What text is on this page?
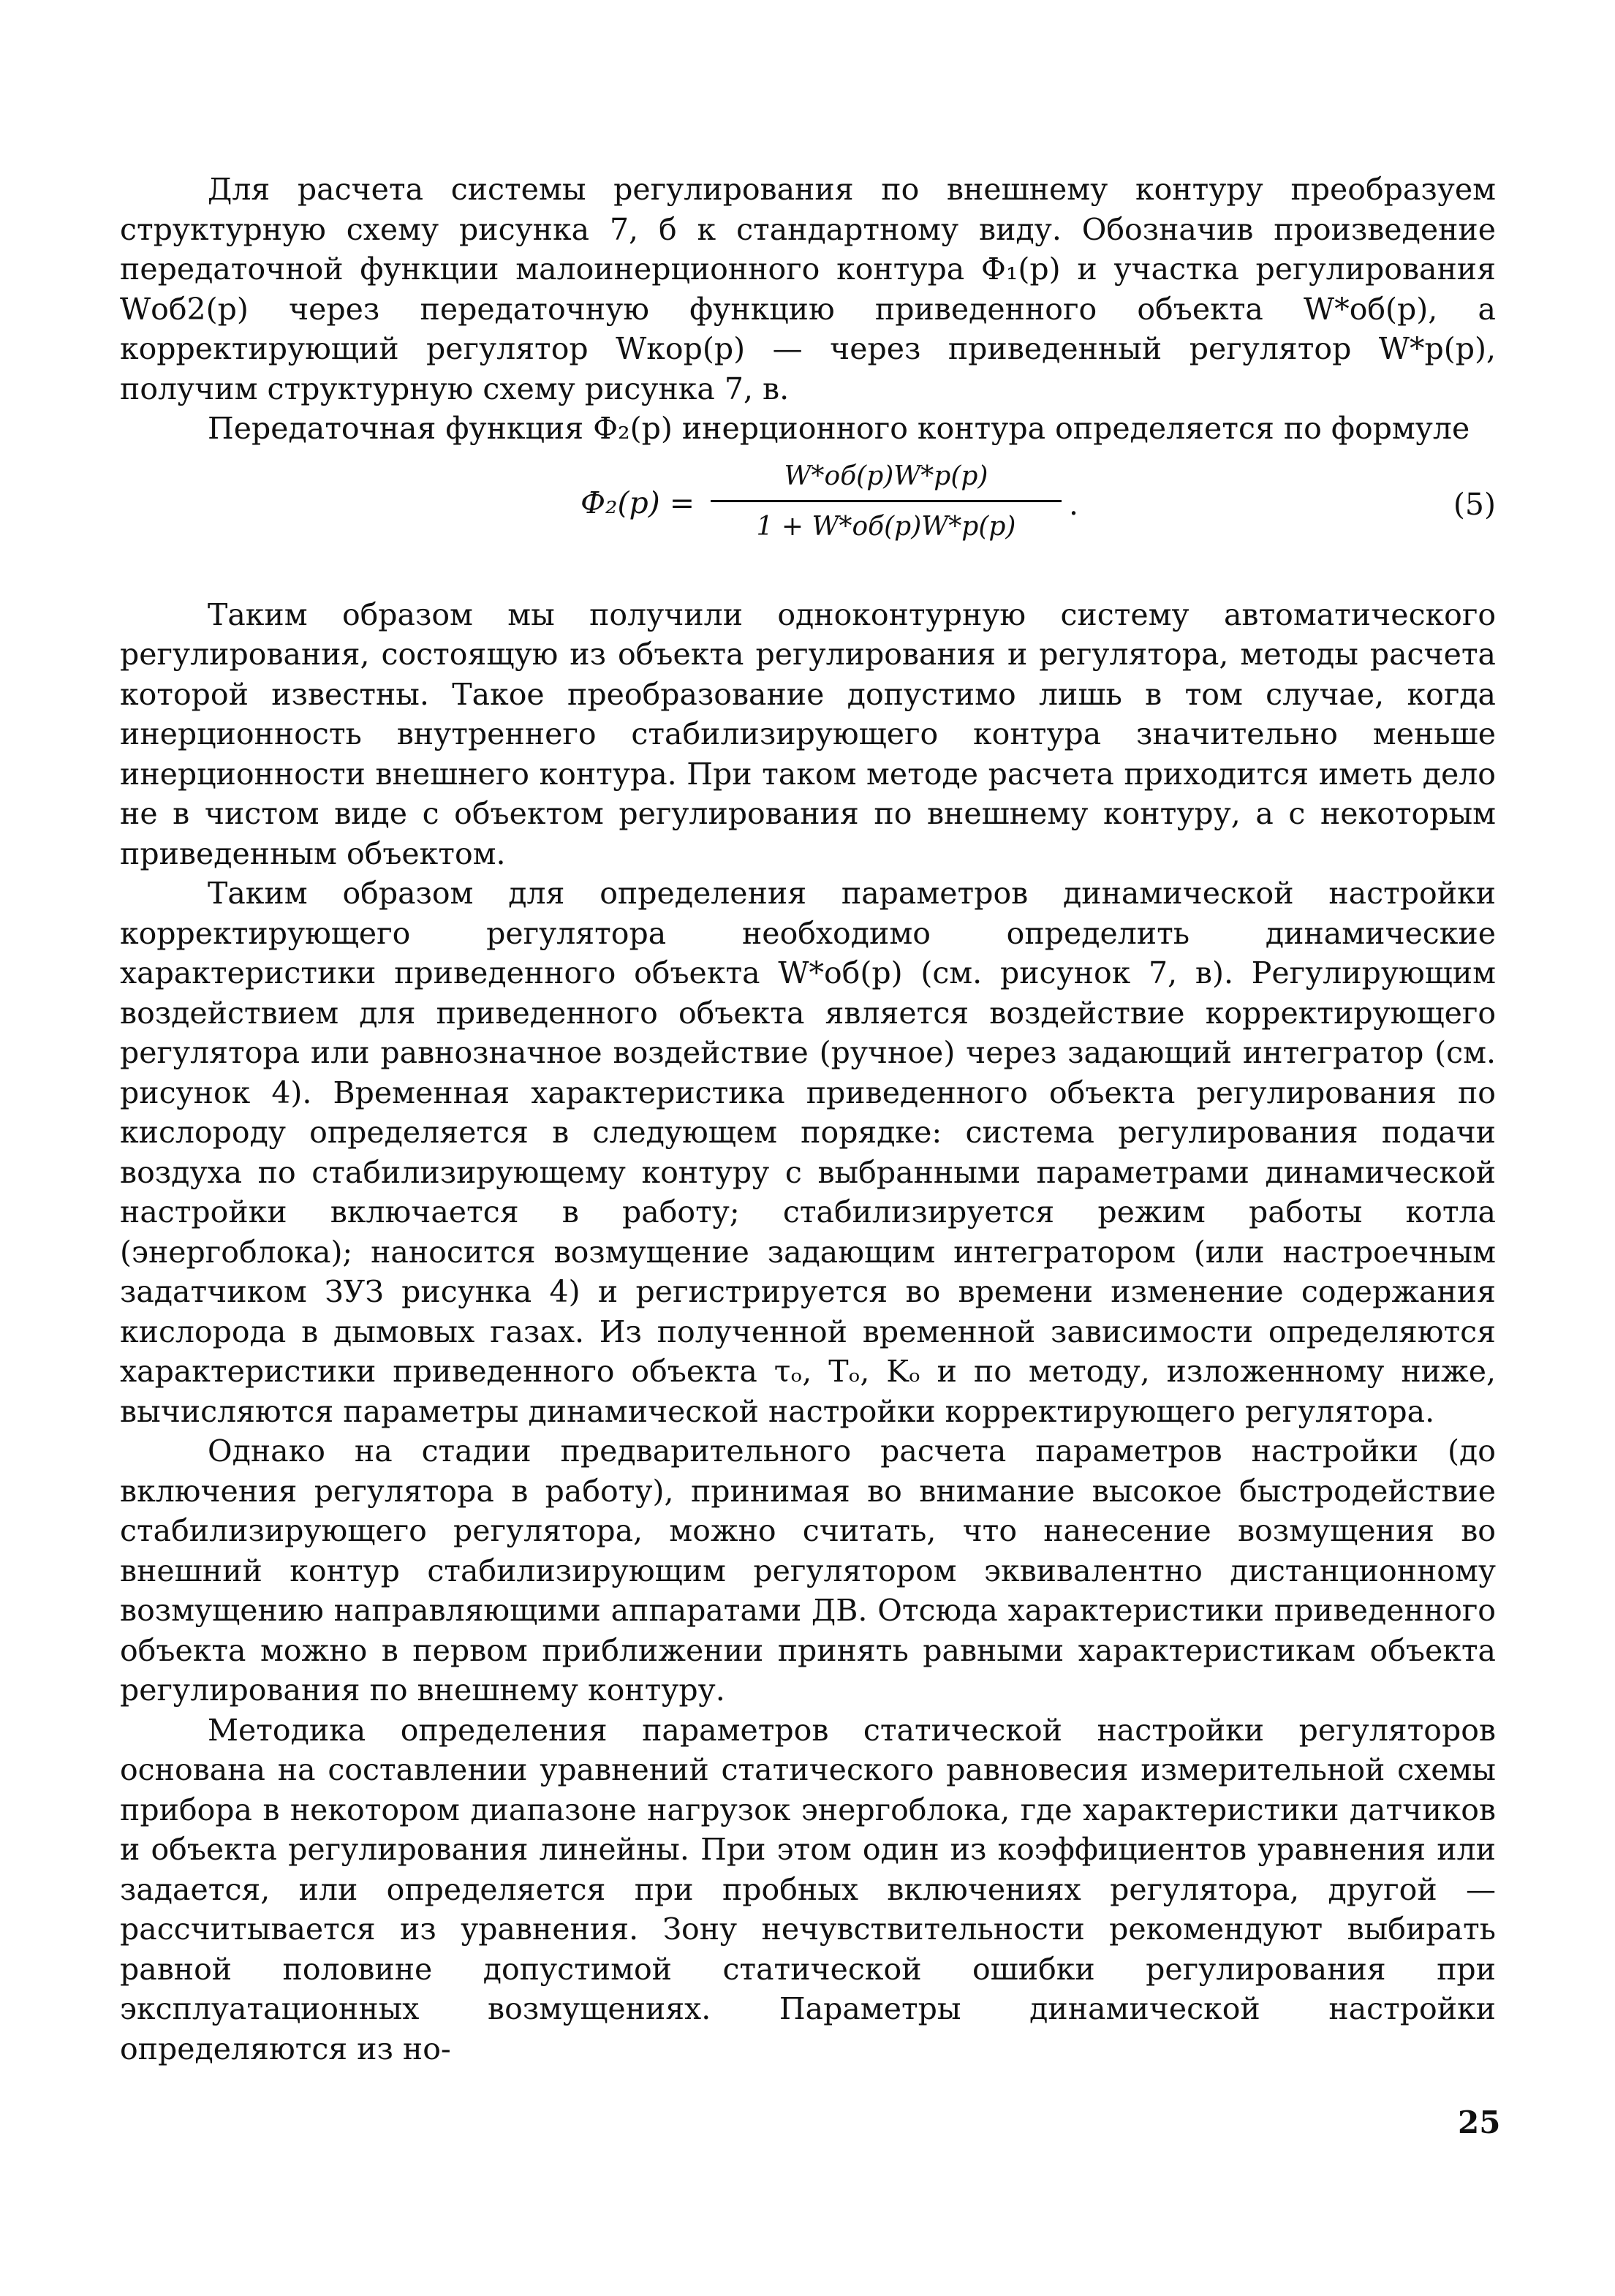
Для расчета системы регулирования по внешнему контуру преобразуем структурную схему рисунка 7, б к стандартному виду. Обозначив произведение передаточной функции малоинерционного контура Ф₁(p) и участка регулирования Wоб2(p) через передаточную функцию приведенного объекта W*об(p), а корректирующий регулятор Wкор(p) — через приведенный регулятор W*р(p), получим структурную схему рисунка 7, в.

Передаточная функция Ф₂(p) инерционного контура определяется по формуле

Ф₂(p) =
W*об(p)W*р(p)
1 + W*об(p)W*р(p)
.	(5)

Таким образом мы получили одноконтурную систему автоматического регулирования, состоящую из объекта регулирования и регулятора, методы расчета которой известны. Такое преобразование допустимо лишь в том случае, когда инерционность внутреннего стабилизирующего контура значительно меньше инерционности внешнего контура. При таком методе расчета приходится иметь дело не в чистом виде с объектом регулирования по внешнему контуру, а с некоторым приведенным объектом.

Таким образом для определения параметров динамической настройки корректирующего регулятора необходимо определить динамические характеристики приведенного объекта W*об(p) (см. рисунок 7, в). Регулирующим воздействием для приведенного объекта является воздействие корректирующего регулятора или равнозначное воздействие (ручное) через задающий интегратор (см. рисунок 4). Временная характеристика приведенного объекта регулирования по кислороду определяется в следующем порядке: система регулирования подачи воздуха по стабилизирующему контуру с выбранными параметрами динамической настройки включается в работу; стабилизируется режим работы котла (энергоблока); наносится возмущение задающим интегратором (или настроечным задатчиком ЗУЗ рисунка 4) и регистрируется во времени изменение содержания кислорода в дымовых газах. Из полученной временной зависимости определяются характеристики приведенного объекта τₒ, Tₒ, Kₒ и по методу, изложенному ниже, вычисляются параметры динамической настройки корректирующего регулятора.

Однако на стадии предварительного расчета параметров настройки (до включения регулятора в работу), принимая во внимание высокое быстродействие стабилизирующего регулятора, можно считать, что нанесение возмущения во внешний контур стабилизирующим регулятором эквивалентно дистанционному возмущению направляющими аппаратами ДВ. Отсюда характеристики приведенного объекта можно в первом приближении принять равными характеристикам объекта регулирования по внешнему контуру.

Методика определения параметров статической настройки регуляторов основана на составлении уравнений статического равновесия измерительной схемы прибора в некотором диапазоне нагрузок энергоблока, где характеристики датчиков и объекта регулирования линейны. При этом один из коэффициентов уравнения или задается, или определяется при пробных включениях регулятора, другой — рассчитывается из уравнения. Зону нечувствительности рекомендуют выбирать равной половине допустимой статической ошибки регулирования при эксплуатационных возмущениях. Параметры динамической настройки определяются из но-

25
